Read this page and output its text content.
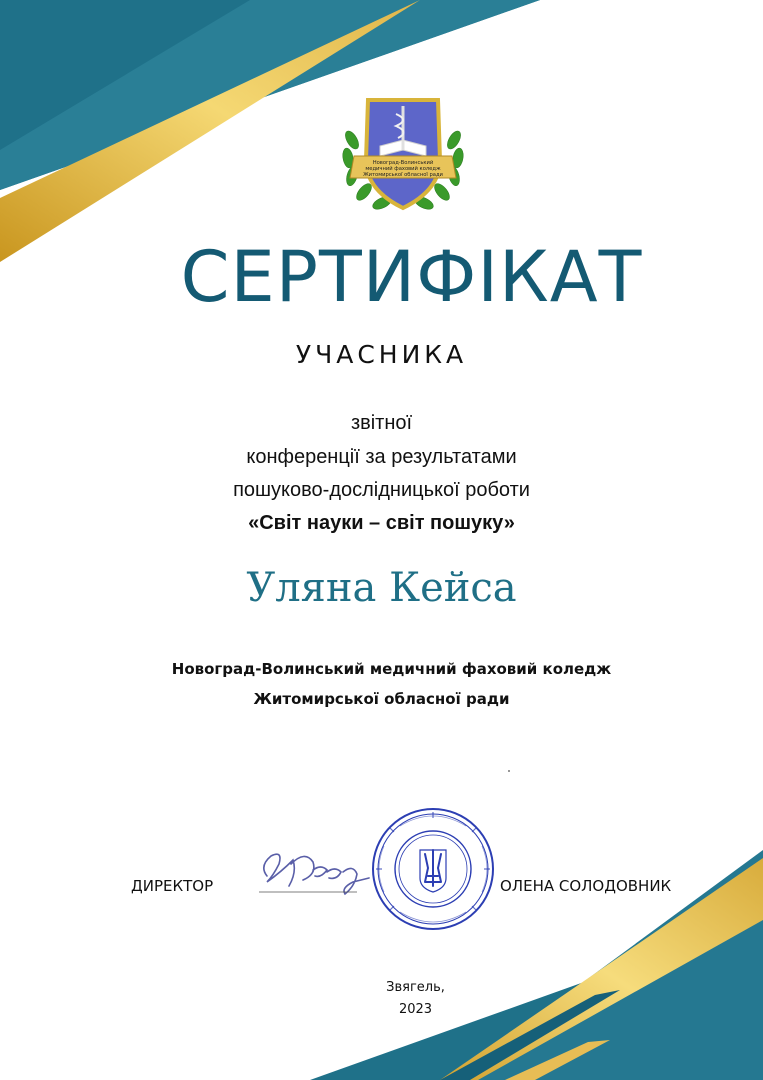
Новоград-Волинський
медичний фаховий коледж
Житомирської обласної ради
СЕРТИФІКАТ
УЧАСНИКА
звітної
конференції за результатами
пошуково-дослідницької роботи
«Світ науки – світ пошуку»
Уляна Кейса
Новоград-Волинський медичний фаховий коледж
Житомирської обласної ради
ДИРЕКТОР	ОЛЕНА СОЛОДОВНИК
Звягель,
2023
